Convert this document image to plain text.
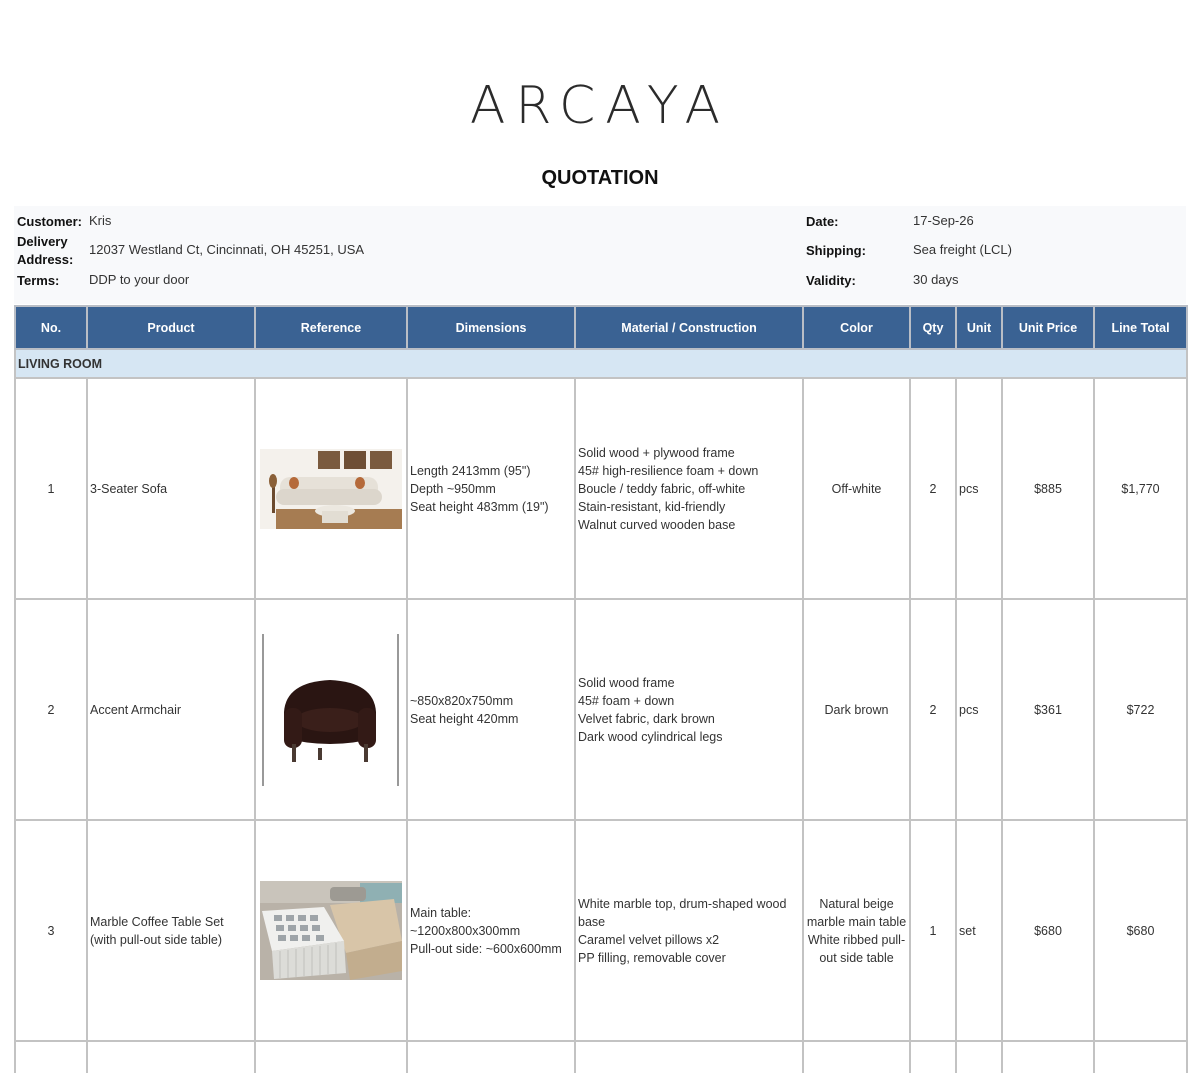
ARCAYA
QUOTATION
Customer: Kris
Delivery Address:
12037 Westland Ct, Cincinnati, OH 45251, USA
Terms: DDP to your door
Date:	17-Sep-26
Shipping:	Sea freight (LCL)
Validity:	30 days
No.	Product	Reference	Dimensions	Material / Construction	Color	Qty	Unit	Unit Price	Line Total
LIVING ROOM									
1	3-Seater Sofa		Length 2413mm (95")
Depth ~950mm
Seat height 483mm (19")	Solid wood + plywood frame
45# high-resilience foam + down
Boucle / teddy fabric, off-white
Stain-resistant, kid-friendly
Walnut curved wooden base	Off-white	2	pcs	$885	$1,770
2	Accent Armchair		~850x820x750mm
Seat height 420mm	Solid wood frame
45# foam + down
Velvet fabric, dark brown
Dark wood cylindrical legs	Dark brown	2	pcs	$361	$722
3	Marble Coffee Table Set
(with pull-out side table)		Main table:
~1200x800x300mm
Pull-out side: ~600x600mm	White marble top, drum-shaped wood base
Caramel velvet pillows x2
PP filling, removable cover	Natural beige marble main table White ribbed pull-out side table	1	set	$680	$680
